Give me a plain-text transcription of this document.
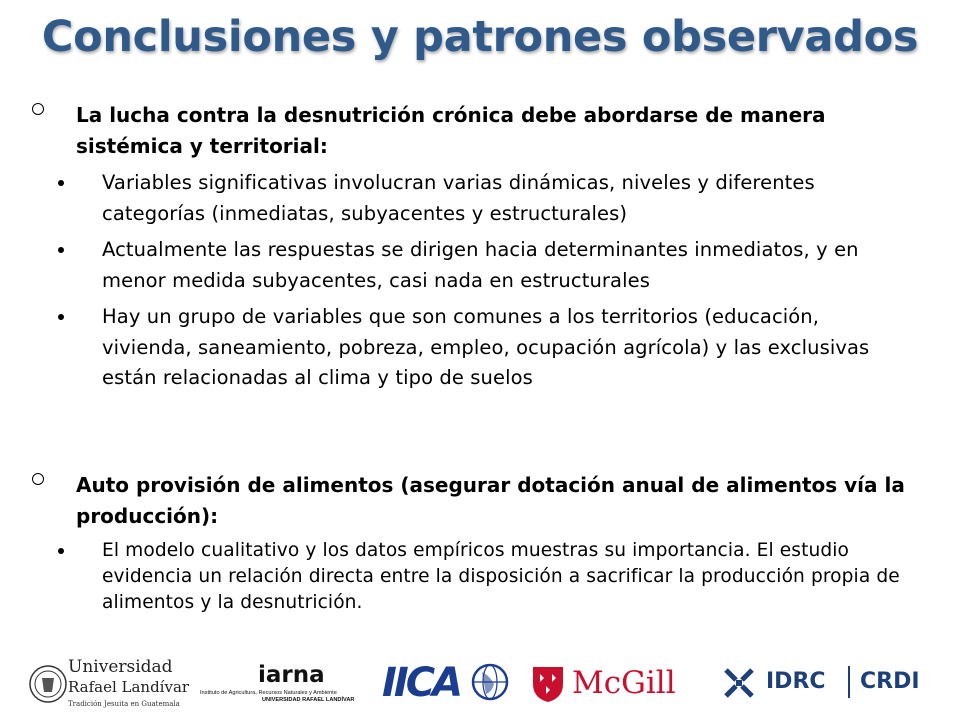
Conclusiones y patrones observados
La lucha contra la desnutrición crónica debe abordarse de manera sistémica y territorial:
Variables significativas involucran varias dinámicas, niveles y diferentes categorías (inmediatas, subyacentes y estructurales)
Actualmente las respuestas se dirigen hacia determinantes inmediatos, y en menor medida subyacentes, casi nada en estructurales
Hay un grupo de variables que son comunes a los territorios (educación, vivienda, saneamiento, pobreza, empleo, ocupación agrícola) y las exclusivas están relacionadas al clima y tipo de suelos
Auto provisión de alimentos (asegurar dotación anual de alimentos vía la producción):
El modelo cualitativo y los datos empíricos muestras su importancia. El estudio evidencia un relación directa entre la disposición a sacrificar la producción propia de alimentos y la desnutrición.
Universidad
Rafael Landívar
Tradición Jesuita en Guatemala
iarna
Instituto de Agricultura, Recursos Naturales y Ambiente
UNIVERSIDAD RAFAEL LANDÍVAR IICA	McGill	IDRC CRDI
